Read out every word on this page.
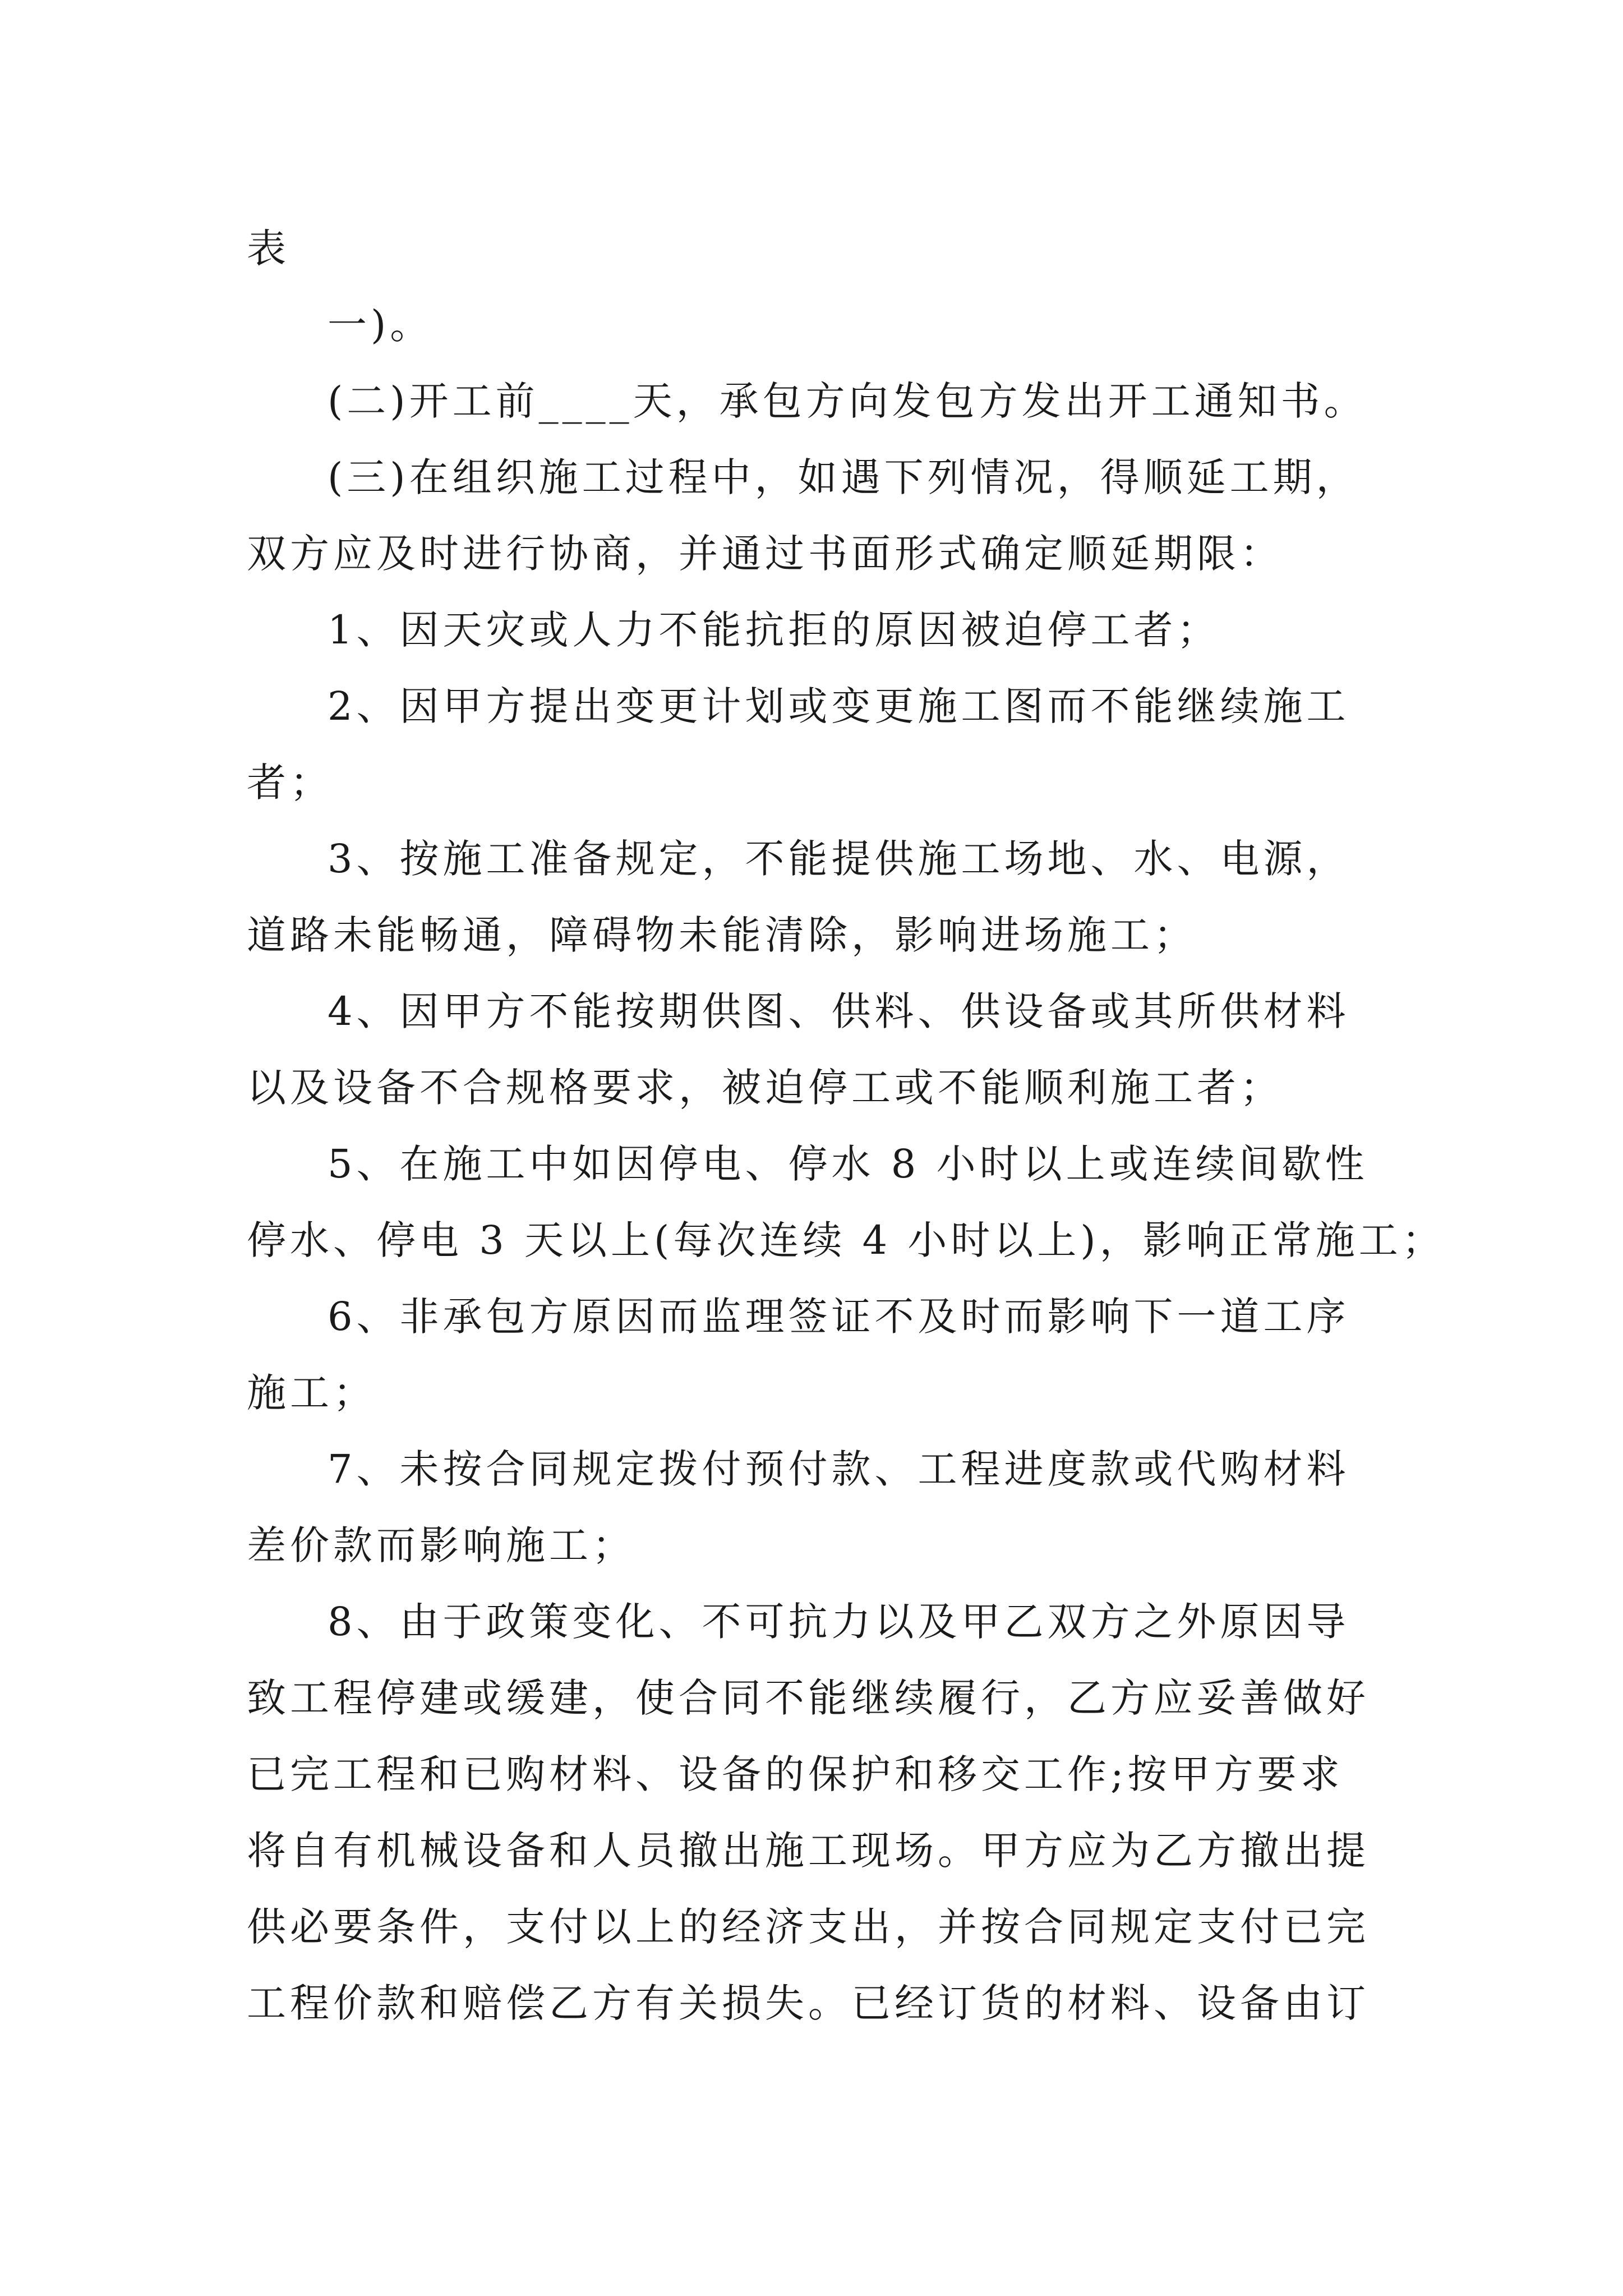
表
一)。
(二)开工前____天，承包方向发包方发出开工通知书。
(三)在组织施工过程中，如遇下列情况，得顺延工期，
双方应及时进行协商，并通过书面形式确定顺延期限：
1、因天灾或人力不能抗拒的原因被迫停工者；
2、因甲方提出变更计划或变更施工图而不能继续施工
者；
3、按施工准备规定，不能提供施工场地、水、电源，
道路未能畅通，障碍物未能清除，影响进场施工；
4、因甲方不能按期供图、供料、供设备或其所供材料
以及设备不合规格要求，被迫停工或不能顺利施工者；
5、在施工中如因停电、停水 8 小时以上或连续间歇性
停水、停电 3 天以上(每次连续 4 小时以上)，影响正常施工；
6、非承包方原因而监理签证不及时而影响下一道工序
施工；
7、未按合同规定拨付预付款、工程进度款或代购材料
差价款而影响施工；
8、由于政策变化、不可抗力以及甲乙双方之外原因导
致工程停建或缓建，使合同不能继续履行，乙方应妥善做好
已完工程和已购材料、设备的保护和移交工作;按甲方要求
将自有机械设备和人员撤出施工现场。甲方应为乙方撤出提
供必要条件，支付以上的经济支出，并按合同规定支付已完
工程价款和赔偿乙方有关损失。已经订货的材料、设备由订
